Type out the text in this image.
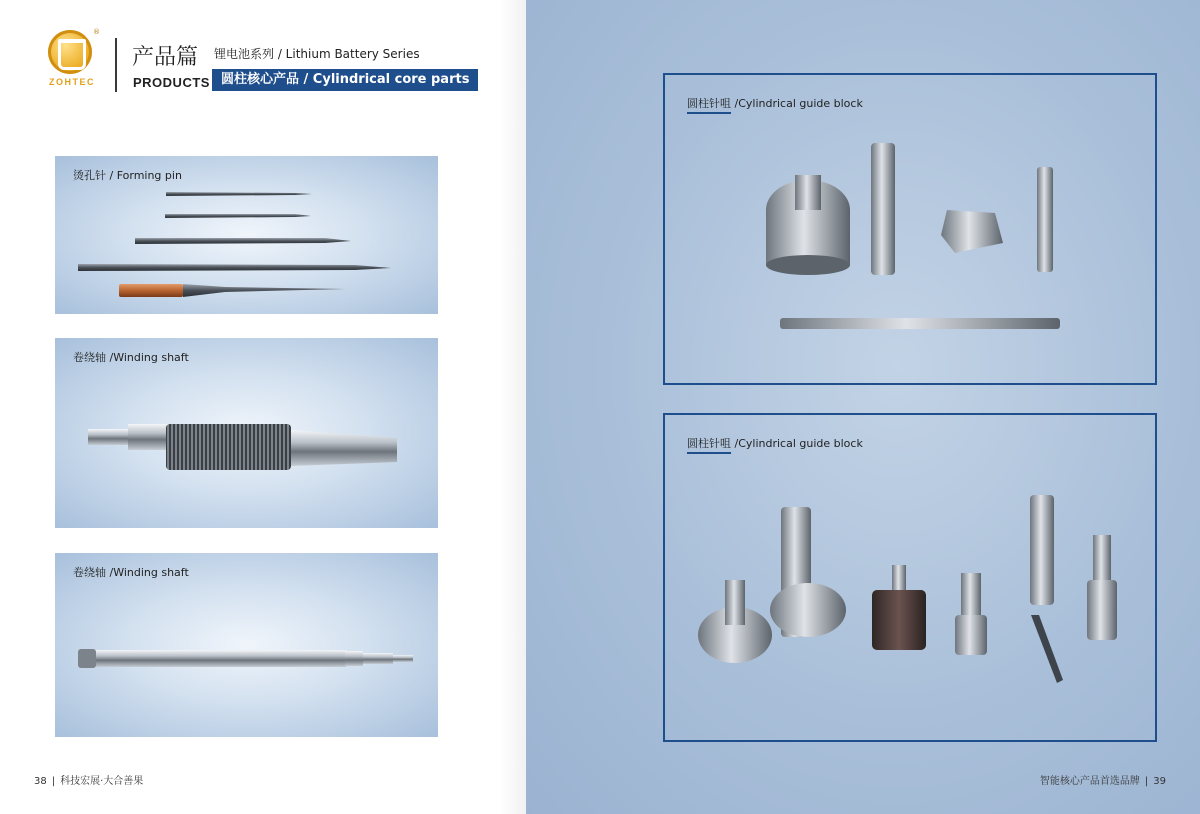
®
ZOHTEC
产品篇
PRODUCTS
锂电池系列 / Lithium Battery Series
圆柱核心产品 / Cylindrical core parts
烫孔针 / Forming pin
卷绕轴 /Winding shaft
卷绕轴 /Winding shaft
圆柱针咀 /Cylindrical guide block
圆柱针咀 /Cylindrical guide block
38 | 科技宏展·大合善果	智能核心产品首选品牌 | 39
